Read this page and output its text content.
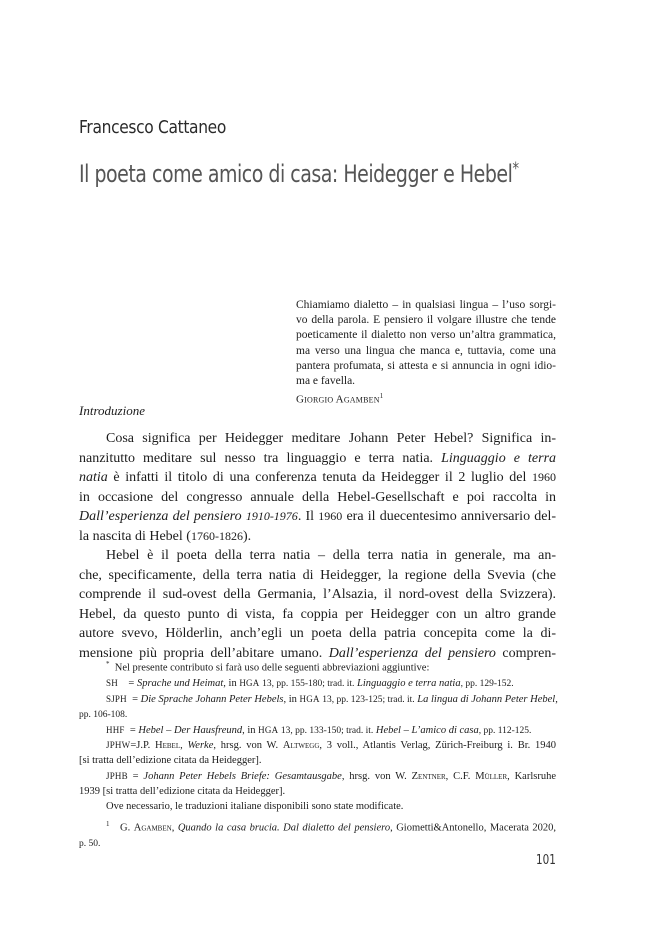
Francesco Cattaneo
Il poeta come amico di casa: Heidegger e Hebel*
Chiamiamo dialetto – in qualsiasi lingua – l’uso sorgi-
vo della parola. E pensiero il volgare illustre che tende
poeticamente il dialetto non verso un’altra grammatica,
ma verso una lingua che manca e, tuttavia, come una
pantera profumata, si attesta e si annuncia in ogni idio-
ma e favella.
Giorgio Agamben$^1$
Introduzione
Cosa significa per Heidegger meditare Johann Peter Hebel? Significa in-
nanzitutto meditare sul nesso tra linguaggio e terra natia. Linguaggio e terra
natia è infatti il titolo di una conferenza tenuta da Heidegger il 2 luglio del 1960
in occasione del congresso annuale della Hebel-Gesellschaft e poi raccolta in
Dall’esperienza del pensiero 1910-1976. Il 1960 era il duecentesimo anniversario del-
la nascita di Hebel (1760-1826).
Hebel è il poeta della terra natia – della terra natia in generale, ma an-
che, specificamente, della terra natia di Heidegger, la regione della Svevia (che
comprende il sud-ovest della Germania, l’Alsazia, il nord-ovest della Svizzera).
Hebel, da questo punto di vista, fa coppia per Heidegger con un altro grande
autore svevo, Hölderlin, anch’egli un poeta della patria concepita come la di-
mensione più propria dell’abitare umano. Dall’esperienza del pensiero compren-
* Nel presente contributo si farà uso delle seguenti abbreviazioni aggiuntive:
SH = Sprache und Heimat, in HGA 13, pp. 155-180; trad. it. Linguaggio e terra natia, pp. 129-152.
SJPH = Die Sprache Johann Peter Hebels, in HGA 13, pp. 123-125; trad. it. La lingua di Johann Peter Hebel,
pp. 106-108.
HHF = Hebel – Der Hausfreund, in HGA 13, pp. 133-150; trad. it. Hebel – L’amico di casa, pp. 112-125.
JPHW=J.P. Hebel, Werke, hrsg. von W. Altwegg, 3 voll., Atlantis Verlag, Zürich-Freiburg i. Br. 1940
[si tratta dell’edizione citata da Heidegger].
JPHB = Johann Peter Hebels Briefe: Gesamtausgabe, hrsg. von W. Zentner, C.F. Müller, Karlsruhe
1939 [si tratta dell’edizione citata da Heidegger].
Ove necessario, le traduzioni italiane disponibili sono state modificate.
$^1$ G. Agamben, Quando la casa brucia. Dal dialetto del pensiero, Giometti&Antonello, Macerata 2020,
p. 50.
101
